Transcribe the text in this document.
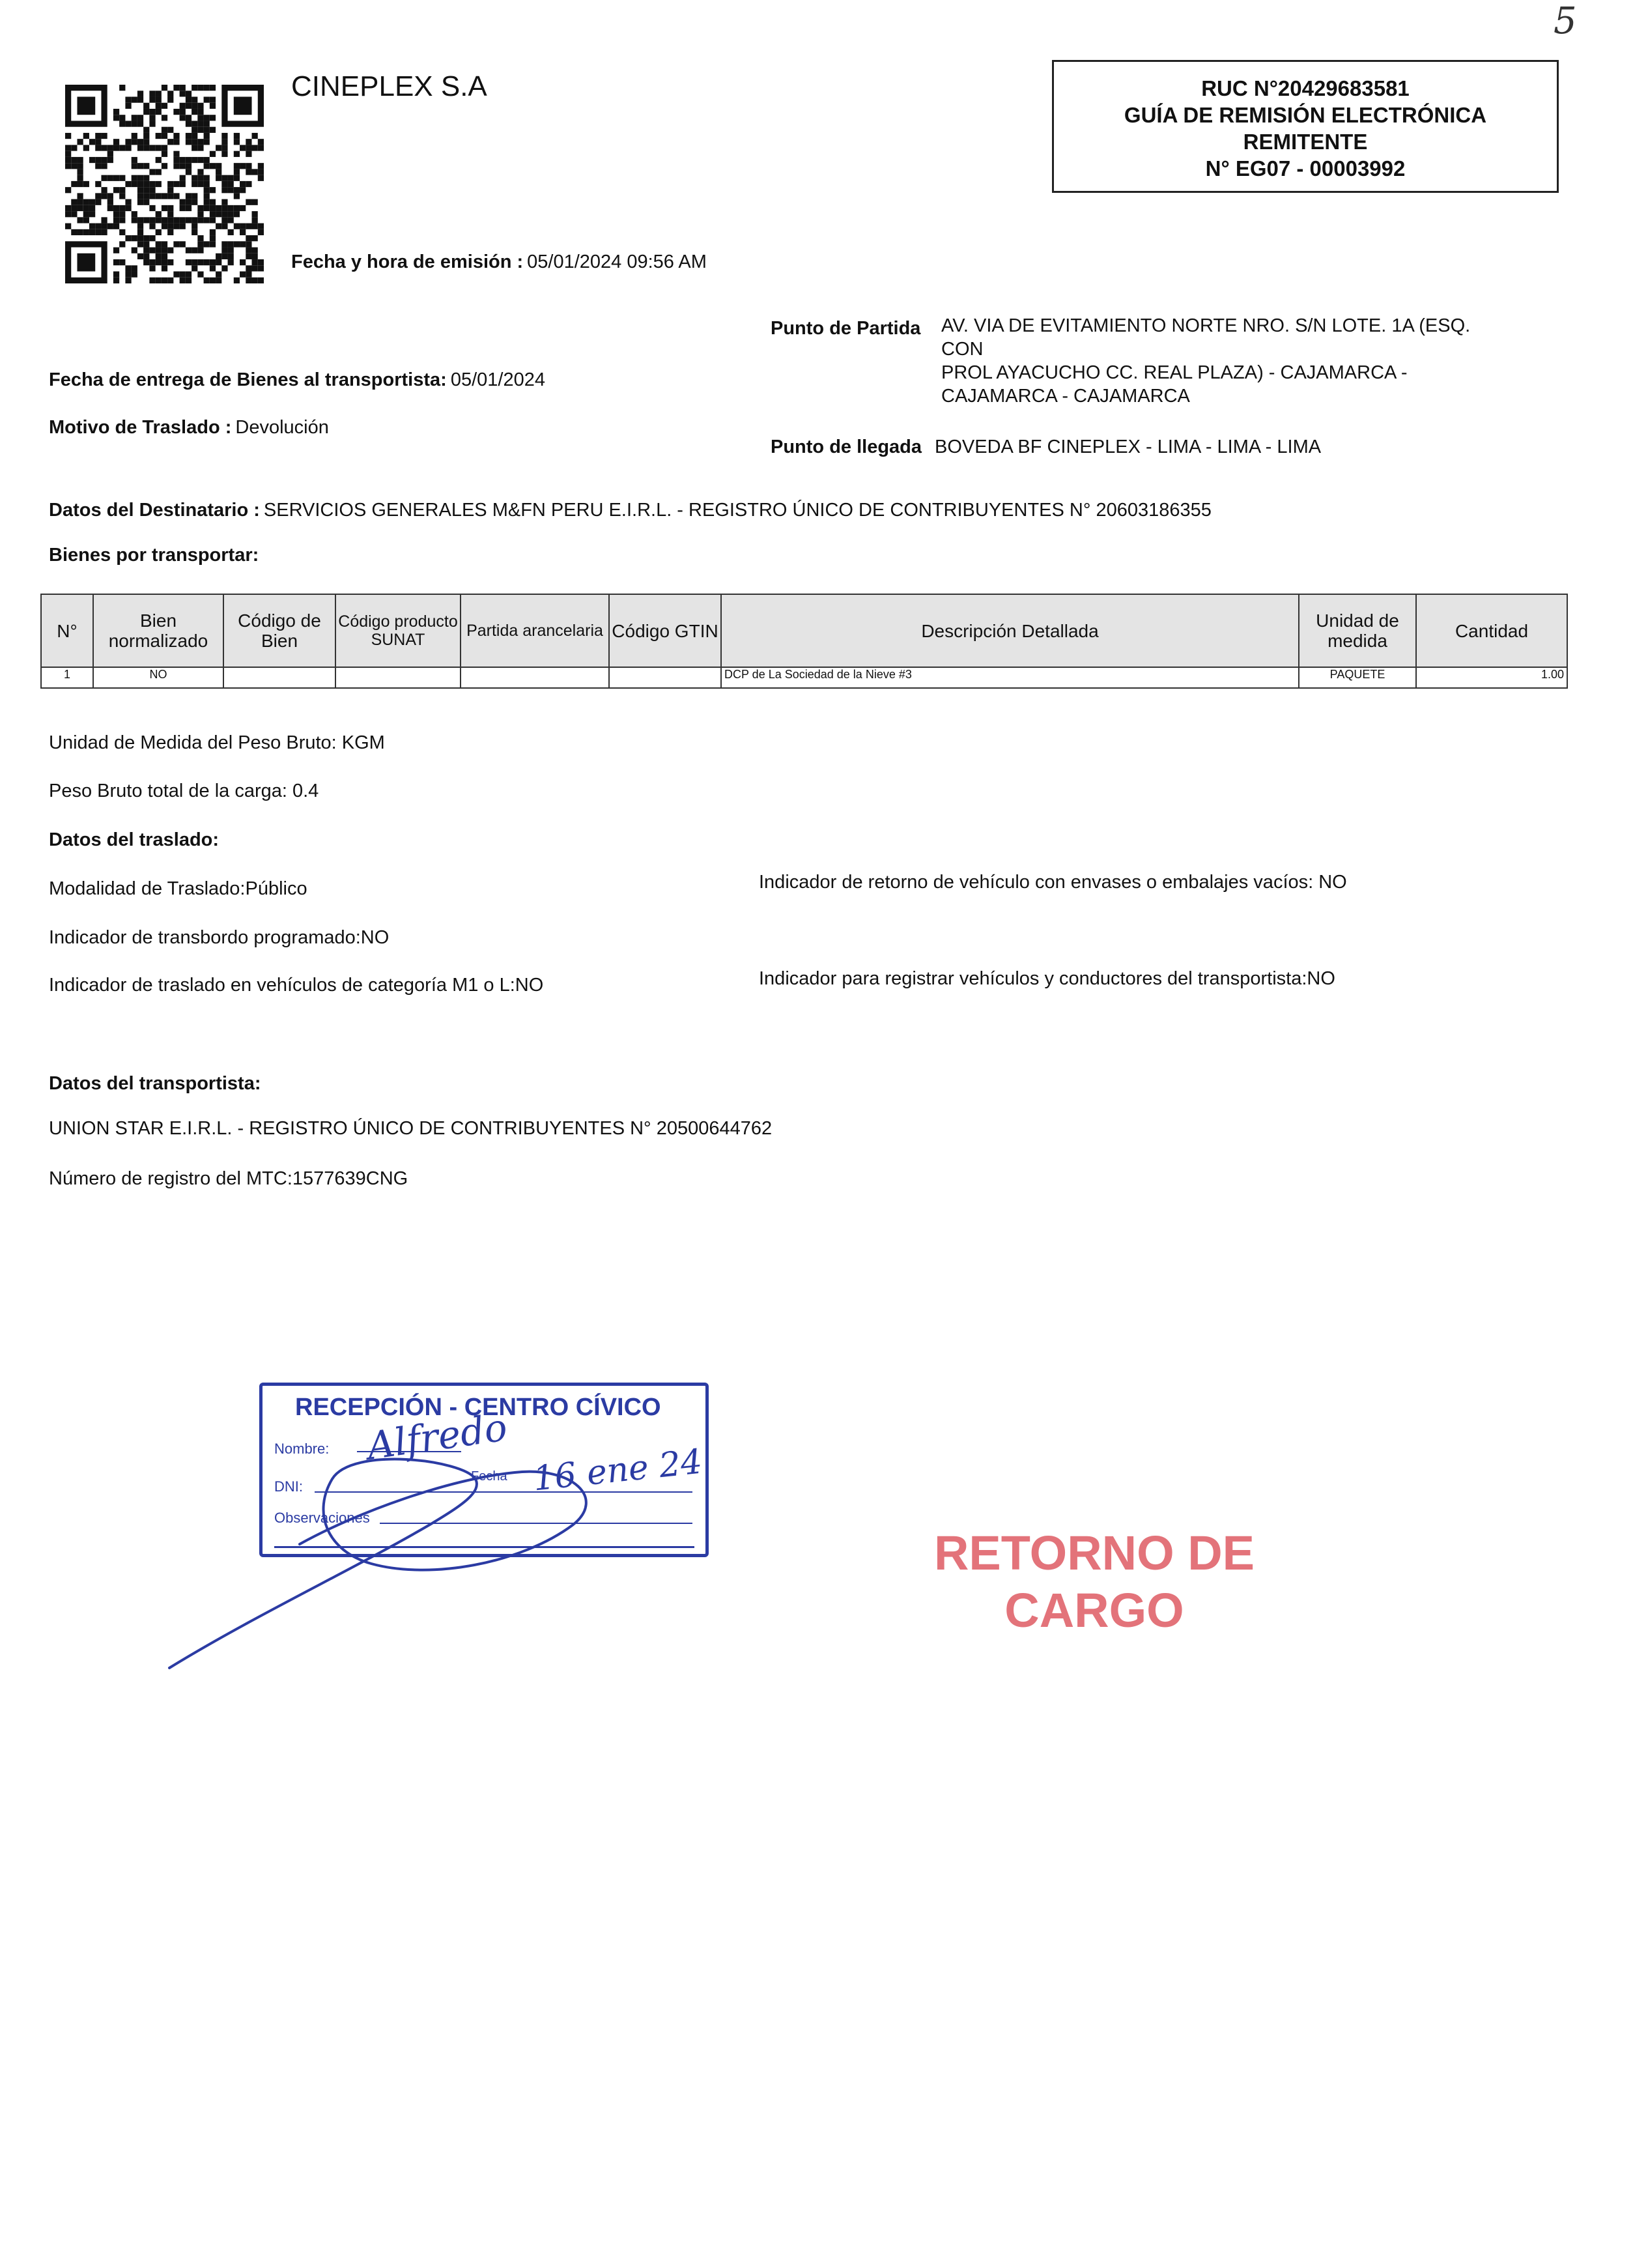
5
CINEPLEX S.A	RUC N°20429683581
GUÍA DE REMISIÓN ELECTRÓNICA
REMITENTE
N° EG07 - 00003992
Fecha y hora de emisión : 05/01/2024 09:56 AM
Punto de Partida AV. VIA DE EVITAMIENTO NORTE NRO. S/N LOTE. 1A (ESQ. CON
PROL AYACUCHO CC. REAL PLAZA) - CAJAMARCA -
CAJAMARCA - CAJAMARCA
Fecha de entrega de Bienes al transportista: 05/01/2024
Motivo de Traslado : Devolución
Punto de llegada BOVEDA BF CINEPLEX - LIMA - LIMA - LIMA
Datos del Destinatario : SERVICIOS GENERALES M&FN PERU E.I.R.L. - REGISTRO ÚNICO DE CONTRIBUYENTES N° 20603186355
Bienes por transportar:
N°	Bien normalizado	Código de Bien	Código producto SUNAT	Partida arancelaria	Código GTIN	Descripción Detallada	Unidad de medida	Cantidad
1	NO					DCP de La Sociedad de la Nieve #3	PAQUETE	1.00
Unidad de Medida del Peso Bruto: KGM
Peso Bruto total de la carga: 0.4
Datos del traslado:
Modalidad de Traslado:Público	Indicador de retorno de vehículo con envases o embalajes vacíos: NO
Indicador de transbordo programado:NO
Indicador de traslado en vehículos de categoría M1 o L:NO	Indicador para registrar vehículos y conductores del transportista:NO
Datos del transportista:
UNION STAR E.I.R.L. - REGISTRO ÚNICO DE CONTRIBUYENTES N° 20500644762
Número de registro del MTC:1577639CNG
RECEPCIÓN - CENTRO CÍVICO
Nombre:
DNI:
Fecha
Observaciones
Alfredo
16 ene 24
RETORNO DE
CARGO
